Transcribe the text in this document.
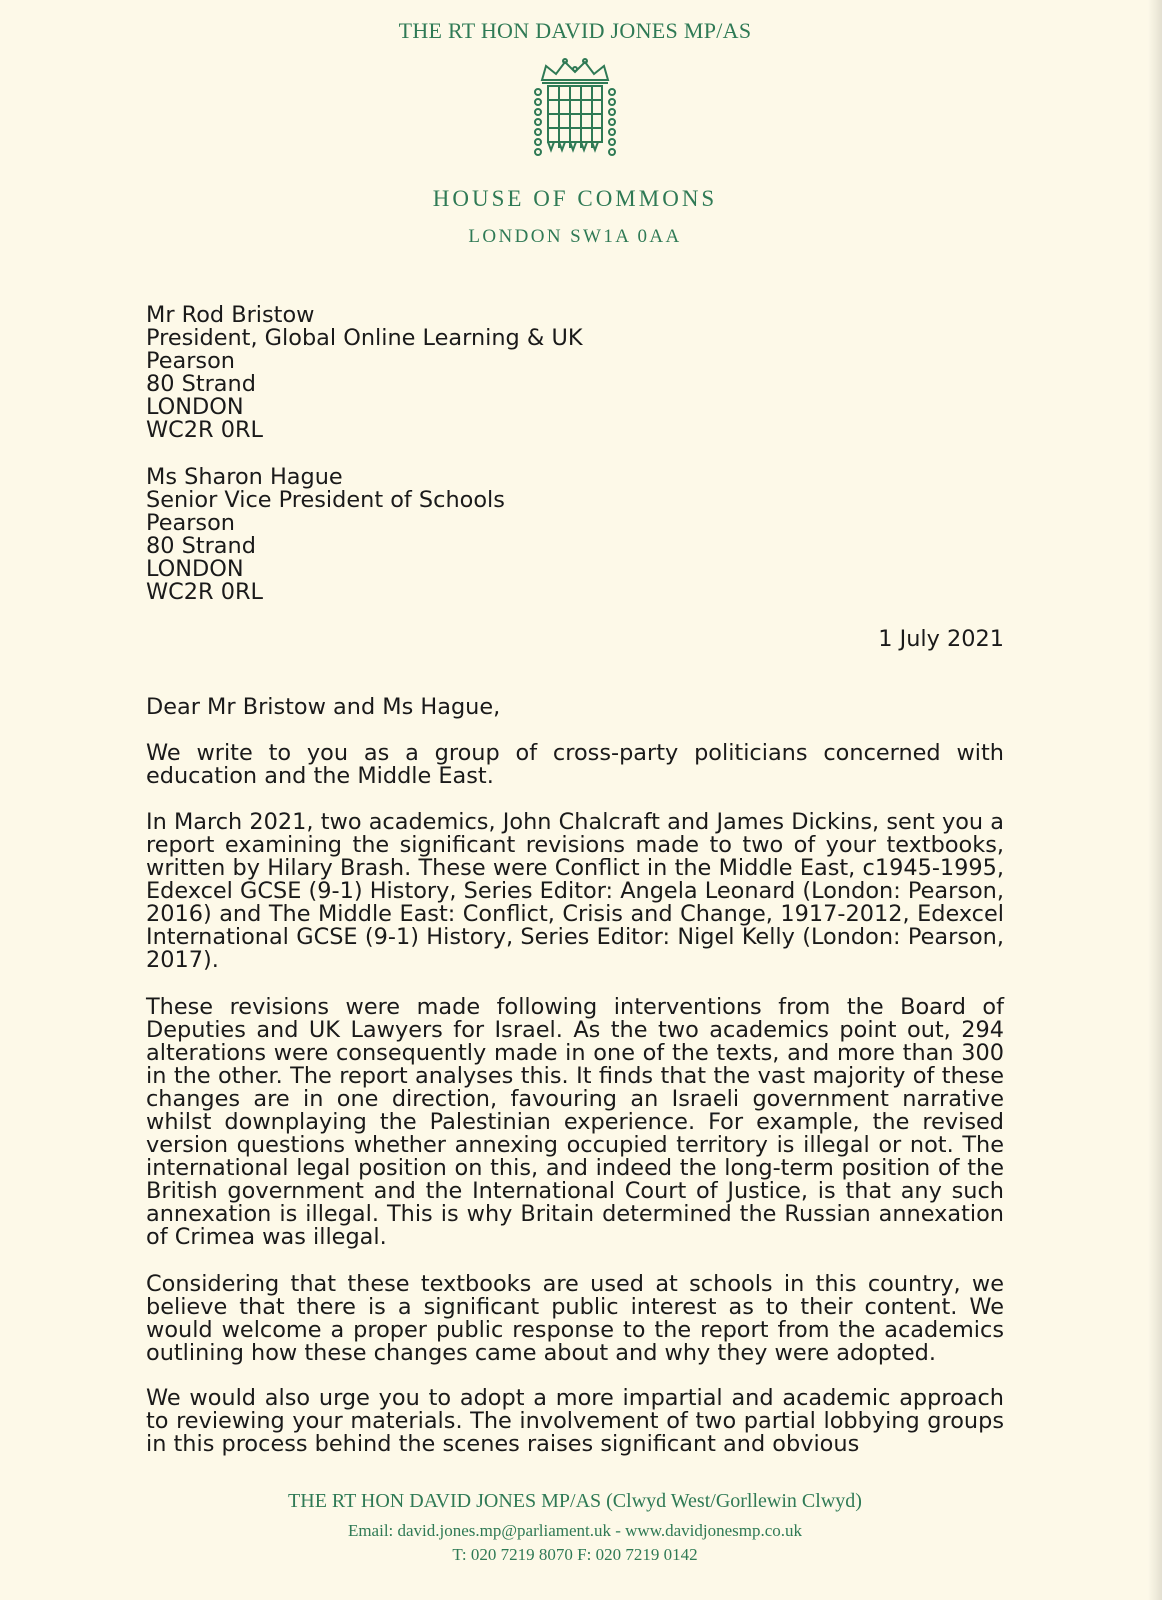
THE RT HON DAVID JONES MP/AS
HOUSE OF COMMONS
LONDON SW1A 0AA
Mr Rod Bristow
President, Global Online Learning & UK
Pearson
80 Strand
LONDON
WC2R 0RL
Ms Sharon Hague
Senior Vice President of Schools
Pearson
80 Strand
LONDON
WC2R 0RL
1 July 2021
Dear Mr Bristow and Ms Hague,

We write to you as a group of cross-party politicians concerned with education and the Middle East.

In March 2021, two academics, John Chalcraft and James Dickins, sent you a report examining the significant revisions made to two of your textbooks, written by Hilary Brash. These were Conflict in the Middle East, c1945-1995, Edexcel GCSE (9-1) History, Series Editor: Angela Leonard (London: Pearson, 2016) and The Middle East: Conflict, Crisis and Change, 1917-2012, Edexcel International GCSE (9-1) History, Series Editor: Nigel Kelly (London: Pearson, 2017).

These revisions were made following interventions from the Board of Deputies and UK Lawyers for Israel. As the two academics point out, 294 alterations were consequently made in one of the texts, and more than 300 in the other. The report analyses this. It finds that the vast majority of these changes are in one direction, favouring an Israeli government narrative whilst downplaying the Palestinian experience. For example, the revised version questions whether annexing occupied territory is illegal or not. The international legal position on this, and indeed the long-term position of the British government and the International Court of Justice, is that any such annexation is illegal. This is why Britain determined the Russian annexation of Crimea was illegal.

Considering that these textbooks are used at schools in this country, we believe that there is a significant public interest as to their content. We would welcome a proper public response to the report from the academics outlining how these changes came about and why they were adopted.

We would also urge you to adopt a more impartial and academic approach to reviewing your materials. The involvement of two partial lobbying groups in this process behind the scenes raises significant and obvious

THE RT HON DAVID JONES MP/AS (Clwyd West/Gorllewin Clwyd)
Email: david.jones.mp@parliament.uk - www.davidjonesmp.co.uk
T: 020 7219 8070 F: 020 7219 0142
